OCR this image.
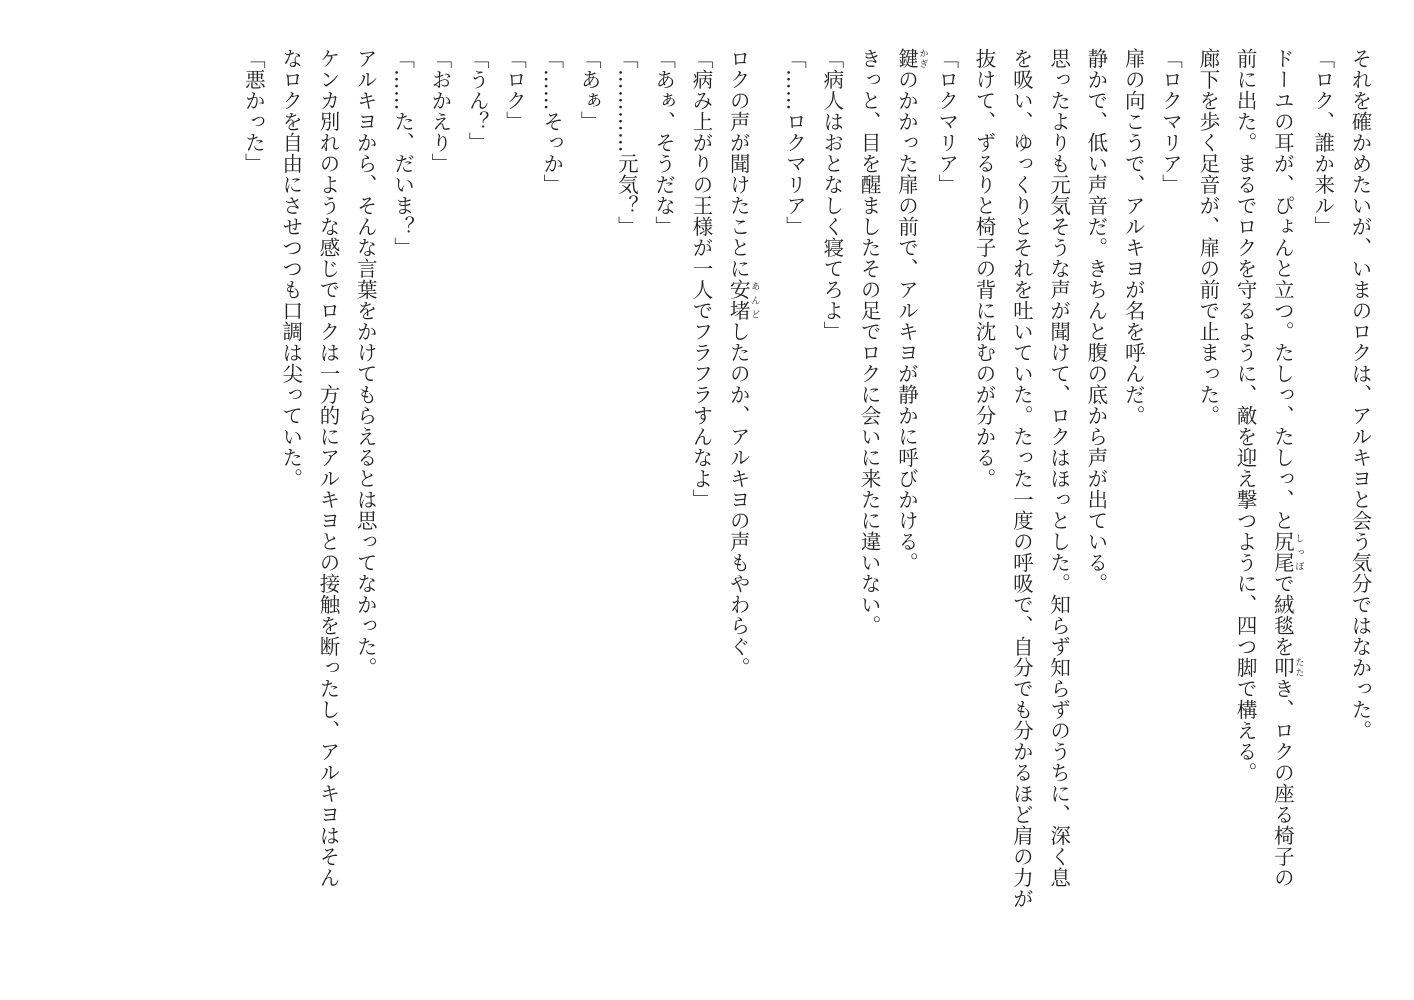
それを確かめたいが、いまのロクは、アルキヨと会う気分ではなかった。

「ロク、誰か来ル」

ドーユの耳が、ぴょんと立つ。たしっ、たしっ、と尻尾 しっぽで絨毯を叩 たたき、ロクの座る椅子の

前に出た。まるでロクを守るように、敵を迎え撃つように、四つ脚で構える。

廊下を歩く足音が、扉の前で止まった。

「ロクマリア」

扉の向こうで、アルキヨが名を呼んだ。

静かで、低い声音だ。きちんと腹の底から声が出ている。

思ったよりも元気そうな声が聞けて、ロクはほっとした。知らず知らずのうちに、深く息

を吸い、ゆっくりとそれを吐いていた。たった一度の呼吸で、自分でも分かるほど肩の力が

抜けて、ずるりと椅子の背に沈むのが分かる。

「ロクマリア」

鍵 かぎのかかった扉の前で、アルキヨが静かに呼びかける。

きっと、目を醒ましたその足でロクに会いに来たに違いない。

「病人はおとなしく寝てろよ」

「……ロクマリア」

ロクの声が聞けたことに安堵 あんどしたのか、アルキヨの声もやわらぐ。

「病み上がりの王様が一人でフラフラすんなよ」

「あぁ、そうだな」

「…………元気？」

「あぁ」

「……そっか」

「ロク」

「うん？」

「おかえり」

「……た、だいま？」

アルキヨから、そんな言葉をかけてもらえるとは思ってなかった。

ケンカ別れのような感じでロクは一方的にアルキヨとの接触を断ったし、アルキヨはそん

なロクを自由にさせつつも口調は尖っていた。

「悪かった」
